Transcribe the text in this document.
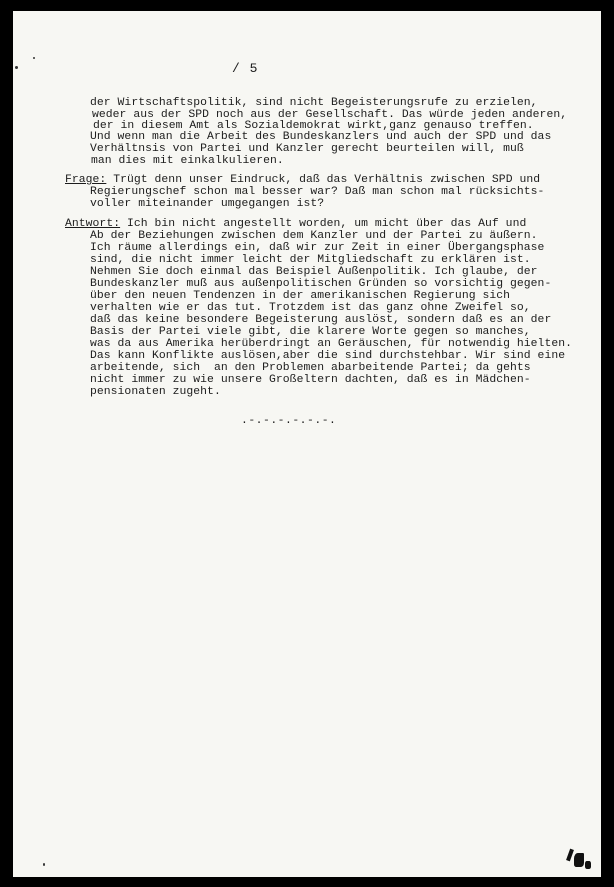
/ 5
der Wirtschaftspolitik, sind nicht Begeisterungsrufe zu erzielen,
weder aus der SPD noch aus der Gesellschaft. Das würde jeden anderen,
der in diesem Amt als Sozialdemokrat wirkt,ganz genauso treffen.
Und wenn man die Arbeit des Bundeskanzlers und auch der SPD und das
Verhältnsis von Partei und Kanzler gerecht beurteilen will, muß
man dies mit einkalkulieren.
Frage: Trügt denn unser Eindruck, daß das Verhältnis zwischen SPD und
Regierungschef schon mal besser war? Daß man schon mal rücksichts-
voller miteinander umgegangen ist?
Antwort: Ich bin nicht angestellt worden, um micht über das Auf und
Ab der Beziehungen zwischen dem Kanzler und der Partei zu äußern.
Ich räume allerdings ein, daß wir zur Zeit in einer Übergangsphase
sind, die nicht immer leicht der Mitgliedschaft zu erklären ist.
Nehmen Sie doch einmal das Beispiel Außenpolitik. Ich glaube, der
Bundeskanzler muß aus außenpolitischen Gründen so vorsichtig gegen-
über den neuen Tendenzen in der amerikanischen Regierung sich
verhalten wie er das tut. Trotzdem ist das ganz ohne Zweifel so,
daß das keine besondere Begeisterung auslöst, sondern daß es an der
Basis der Partei viele gibt, die klarere Worte gegen so manches,
was da aus Amerika herüberdringt an Geräuschen, für notwendig hielten.
Das kann Konflikte auslösen,aber die sind durchstehbar. Wir sind eine
arbeitende, sich  an den Problemen abarbeitende Partei; da gehts
nicht immer zu wie unsere Großeltern dachten, daß es in Mädchen-
pensionaten zugeht.
.-.-.-.-.-.-.
